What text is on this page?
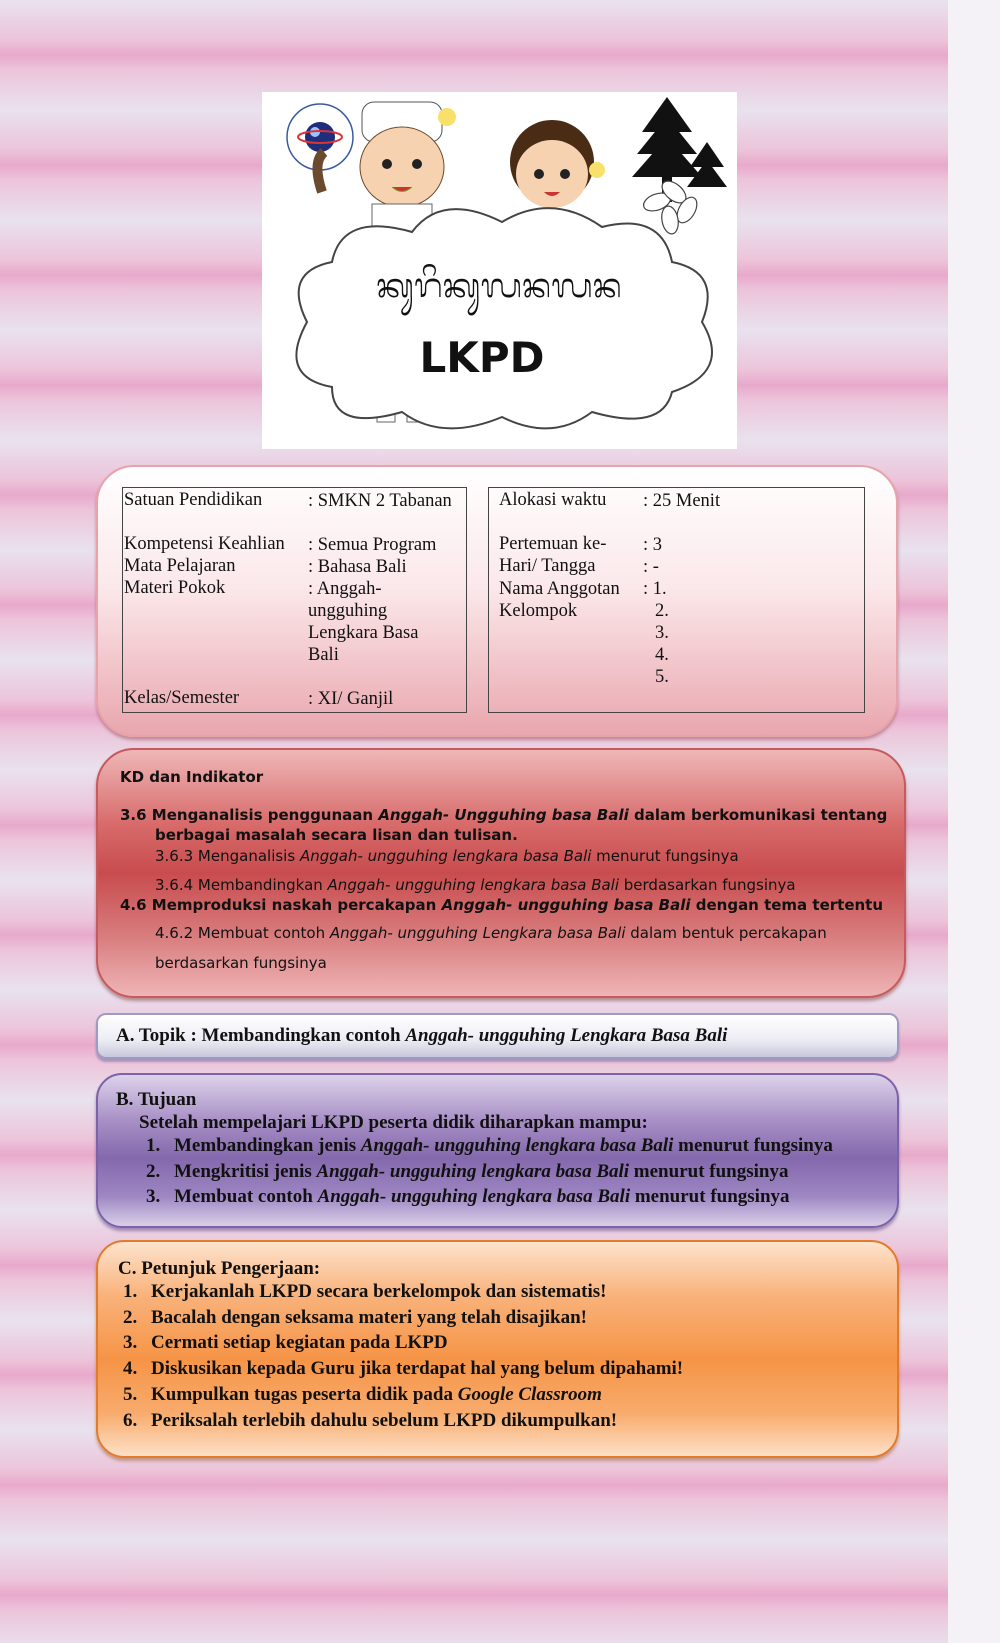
ᬓᬸᬭᬶᬓᬸᬮᬦᬮᬦ
LKPD
Satuan Pendidikan : SMKN 2 Tabanan
Kompetensi Keahlian : Semua Program
Mata Pelajaran	: Bahasa Bali
Materi Pokok	: Anggah- ungguhing Lengkara Basa Bali
Kelas/Semester	: XI/ Ganjil
Alokasi waktu : 25 Menit
Pertemuan ke- : 3
Hari/ Tangga	: -
Nama Anggotan Kelompok
: 1.
2.
3.
4.
5.
KD dan Indikator
3.6 Menganalisis penggunaan Anggah- Ungguhing basa Bali dalam berkomunikasi tentang
berbagai masalah secara lisan dan tulisan.
3.6.3 Menganalisis Anggah- ungguhing lengkara basa Bali menurut fungsinya
3.6.4 Membandingkan Anggah- ungguhing lengkara basa Bali berdasarkan fungsinya
4.6 Memproduksi naskah percakapan Anggah- ungguhing basa Bali dengan tema tertentu
4.6.2 Membuat contoh Anggah- ungguhing Lengkara basa Bali dalam bentuk percakapan
berdasarkan fungsinya
A. Topik : Membandingkan contoh Anggah- ungguhing Lengkara Basa Bali
B. Tujuan
Setelah mempelajari LKPD peserta didik diharapkan mampu:
1. Membandingkan jenis Anggah- ungguhing lengkara basa Bali menurut fungsinya
2. Mengkritisi jenis Anggah- ungguhing lengkara basa Bali menurut fungsinya
3. Membuat contoh Anggah- ungguhing lengkara basa Bali menurut fungsinya
C. Petunjuk Pengerjaan:
1. Kerjakanlah LKPD secara berkelompok dan sistematis!
2. Bacalah dengan seksama materi yang telah disajikan!
3. Cermati setiap kegiatan pada LKPD
4. Diskusikan kepada Guru jika terdapat hal yang belum dipahami!
5. Kumpulkan tugas peserta didik pada Google Classroom
6. Periksalah terlebih dahulu sebelum LKPD dikumpulkan!
